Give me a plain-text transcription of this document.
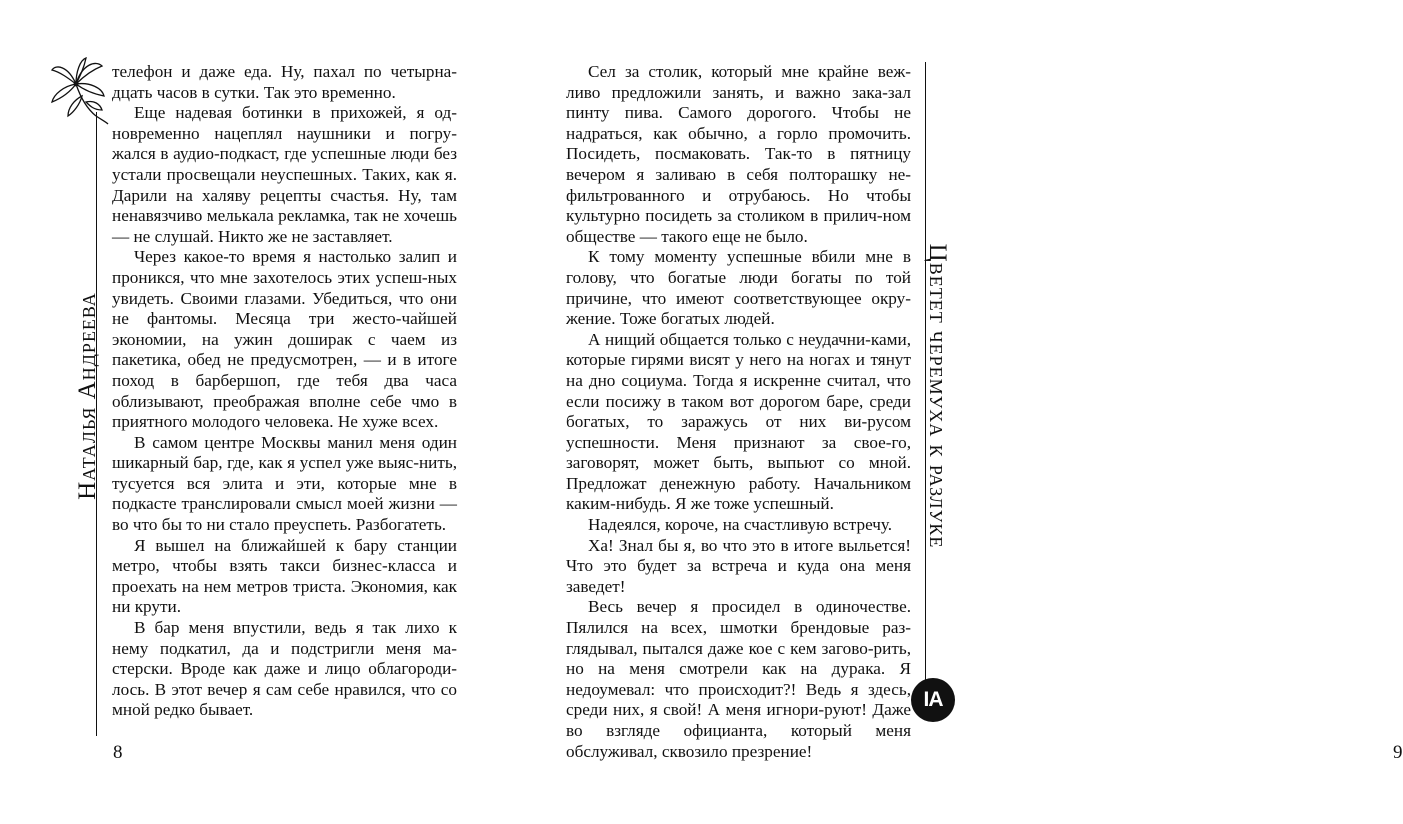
Наталья Андреева

телефон и даже еда. Ну, пахал по четырна-дцать часов в сутки. Так это временно.

Еще надевая ботинки в прихожей, я од-новременно нацеплял наушники и погру-жался в аудио-подкаст, где успешные люди без устали просвещали неуспешных. Таких, как я. Дарили на халяву рецепты счастья. Ну, там ненавязчиво мелькала рекламка, так не хочешь — не слушай. Никто же не заставляет.

Через какое-то время я настолько залип и проникся, что мне захотелось этих успеш-ных увидеть. Своими глазами. Убедиться, что они не фантомы. Месяца три жесто-чайшей экономии, на ужин доширак с чаем из пакетика, обед не предусмотрен, — и в итоге поход в барбершоп, где тебя два часа облизывают, преображая вполне себе чмо в приятного молодого человека. Не хуже всех.

В самом центре Москвы манил меня один шикарный бар, где, как я успел уже выяс-нить, тусуется вся элита и эти, которые мне в подкасте транслировали смысл моей жизни — во что бы то ни стало преуспеть. Разбогатеть.

Я вышел на ближайшей к бару станции метро, чтобы взять такси бизнес-класса и проехать на нем метров триста. Экономия, как ни крути.

В бар меня впустили, ведь я так лихо к нему подкатил, да и подстригли меня ма-стерски. Вроде как даже и лицо облагороди-лось. В этот вечер я сам себе нравился, что со мной редко бывает.

8

Сел за столик, который мне крайне веж-ливо предложили занять, и важно зака-зал пинту пива. Самого дорогого. Чтобы не надраться, как обычно, а горло промочить. Посидеть, посмаковать. Так-то в пятницу вечером я заливаю в себя полторашку не-фильтрованного и отрубаюсь. Но чтобы культурно посидеть за столиком в прилич-ном обществе — такого еще не было.

К тому моменту успешные вбили мне в голову, что богатые люди богаты по той причине, что имеют соответствующее окру-жение. Тоже богатых людей.

А нищий общается только с неудачни-ками, которые гирями висят у него на ногах и тянут на дно социума. Тогда я искренне считал, что если посижу в таком вот дорогом баре, среди богатых, то заражусь от них ви-русом успешности. Меня признают за свое-го, заговорят, может быть, выпьют со мной. Предложат денежную работу. Начальником каким-нибудь. Я же тоже успешный.

Надеялся, короче, на счастливую встречу.

Ха! Знал бы я, во что это в итоге выльется! Что это будет за встреча и куда она меня заведет!

Весь вечер я просидел в одиночестве. Пялился на всех, шмотки брендовые раз-глядывал, пытался даже кое с кем загово-рить, но на меня смотрели как на дурака. Я недоумевал: что происходит?! Ведь я здесь, среди них, я свой! А меня игнори-руют! Даже во взгляде официанта, который меня обслуживал, сквозило презрение!	9
Цветет черемуха к разлуке
IA
